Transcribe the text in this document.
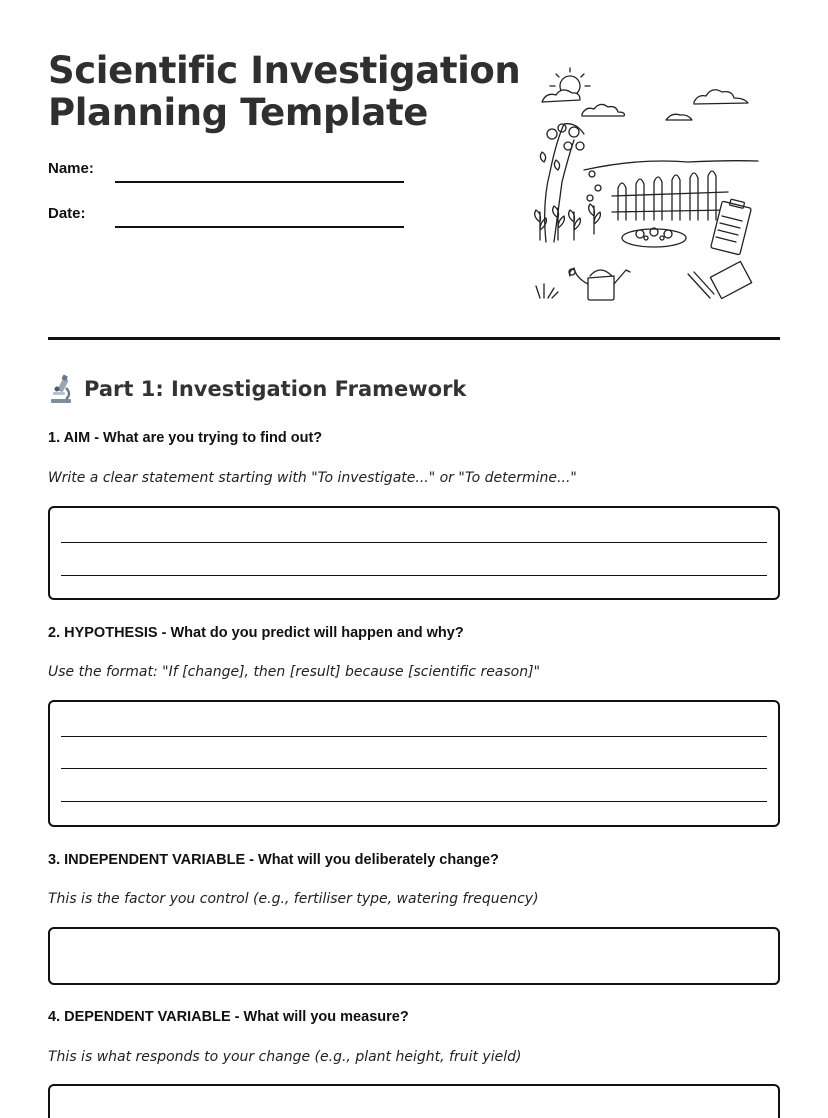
Scientific Investigation
Planning Template
Name:
Date:
Part 1: Investigation Framework
1. AIM - What are you trying to find out?
Write a clear statement starting with "To investigate..." or "To determine..."
2. HYPOTHESIS - What do you predict will happen and why?
Use the format: "If [change], then [result] because [scientific reason]"
3. INDEPENDENT VARIABLE - What will you deliberately change?
This is the factor you control (e.g., fertiliser type, watering frequency)
4. DEPENDENT VARIABLE - What will you measure?
This is what responds to your change (e.g., plant height, fruit yield)
